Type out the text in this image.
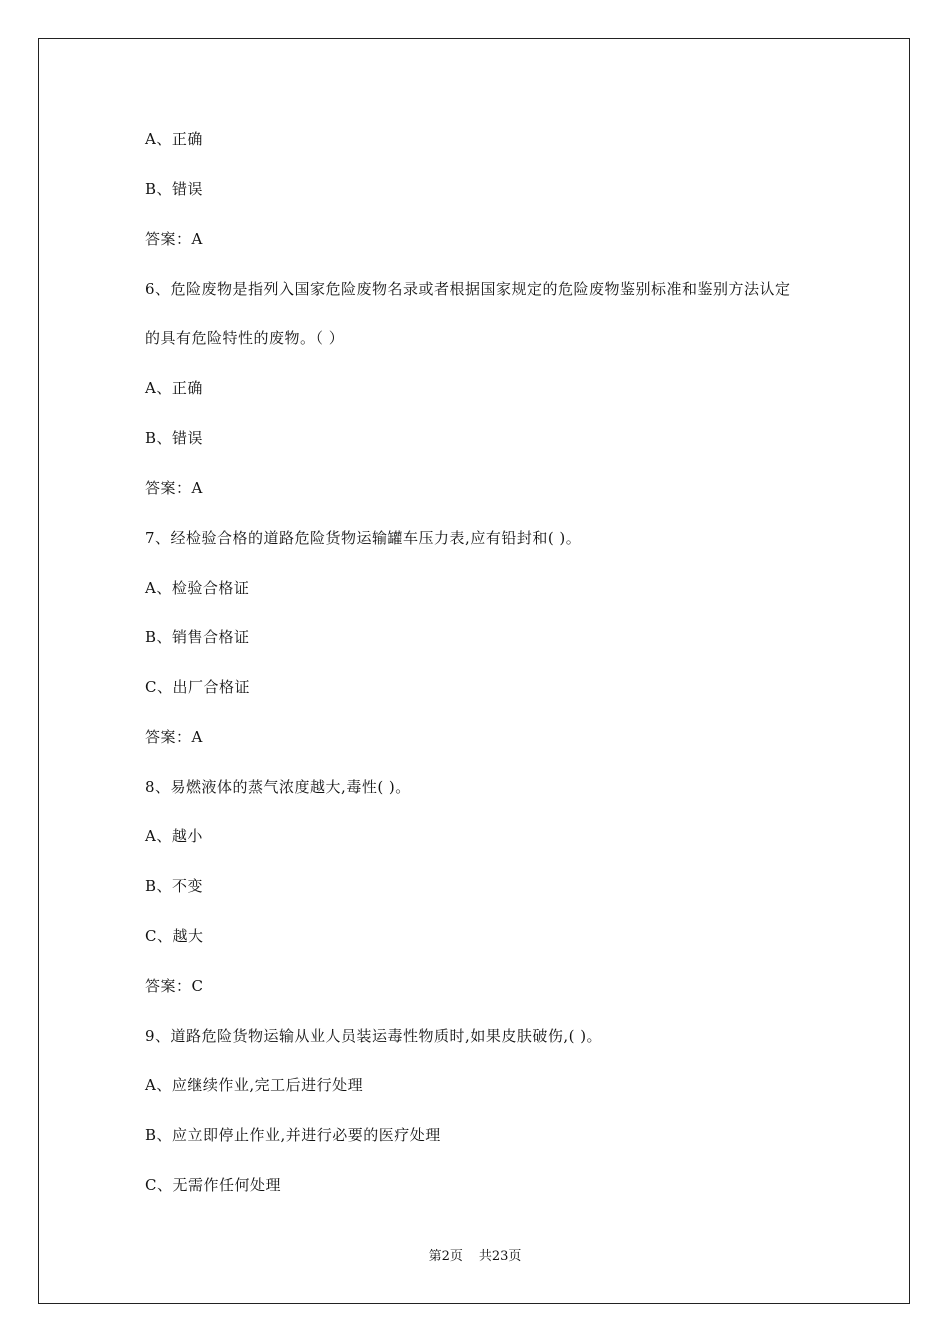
A、正确
B、错误
答案：A
6、危险废物是指列入国家危险废物名录或者根据国家规定的危险废物鉴别标准和鉴别方法认定
的具有危险特性的废物。（ ）
A、正确
B、错误
答案：A
7、经检验合格的道路危险货物运输罐车压力表,应有铅封和( )。
A、检验合格证
B、销售合格证
C、出厂合格证
答案：A
8、易燃液体的蒸气浓度越大,毒性( )。
A、越小
B、不变
C、越大
答案：C
9、道路危险货物运输从业人员装运毒性物质时,如果皮肤破伤,( )。
A、应继续作业,完工后进行处理
B、应立即停止作业,并进行必要的医疗处理
C、无需作任何处理
第2页 共23页
